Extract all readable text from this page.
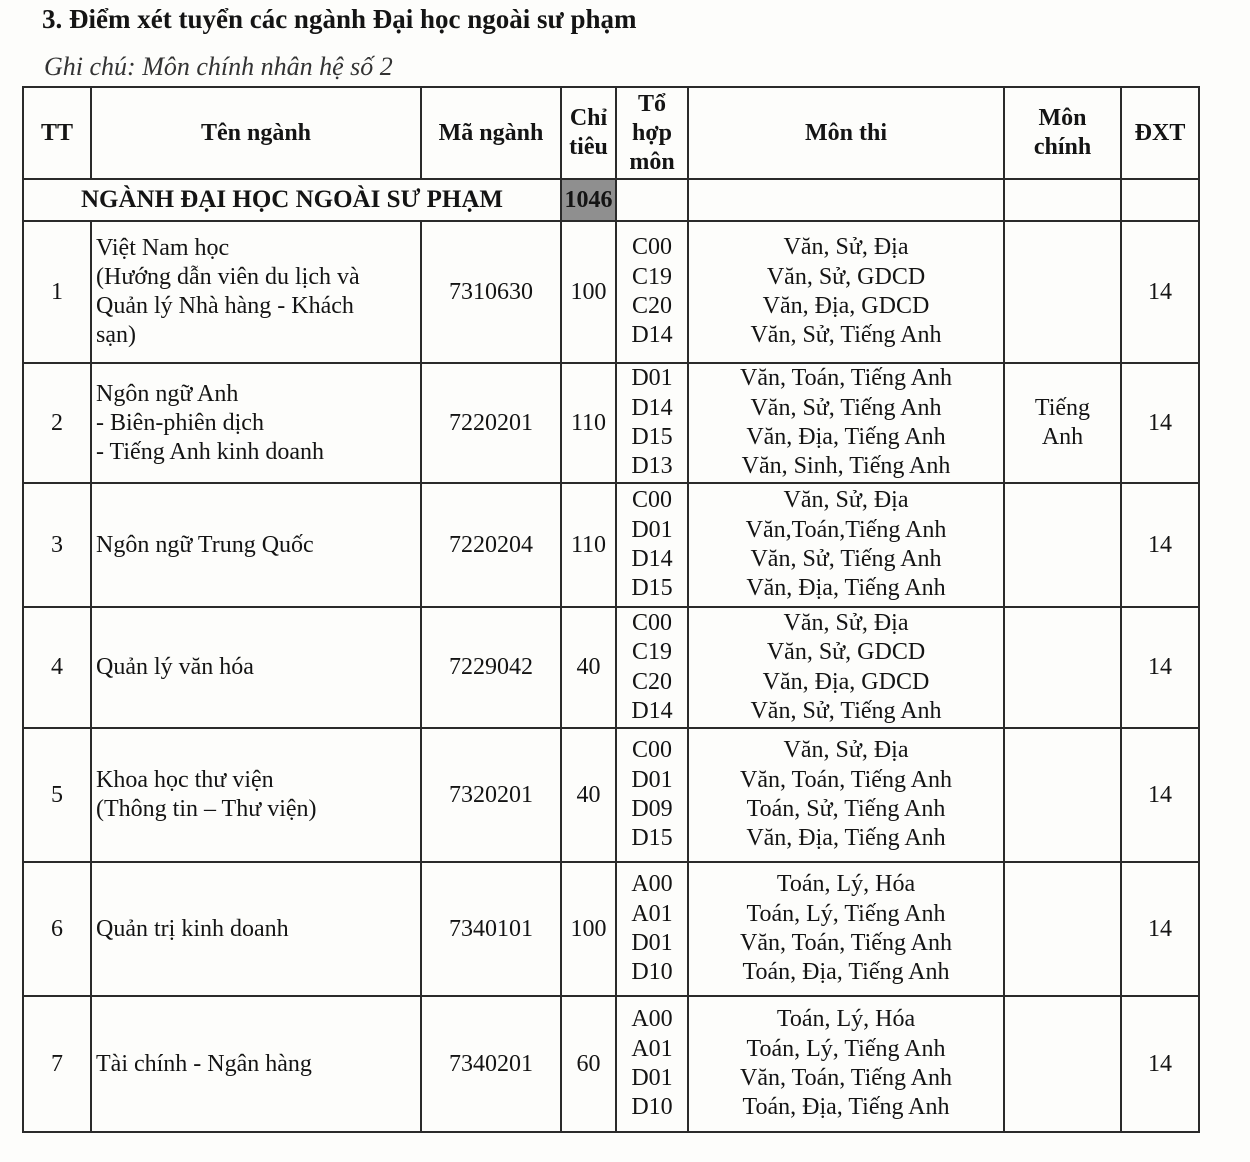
3. Điểm xét tuyển các ngành Đại học ngoài sư phạm
Ghi chú: Môn chính nhân hệ số 2
TT	Tên ngành	Mã ngành	Chỉ
tiêu	Tổ
hợp
môn	Môn thi	Môn
chính	ĐXT
NGÀNH ĐẠI HỌC NGOÀI SƯ PHẠM			1046				
1	Việt Nam học
(Hướng dẫn viên du lịch và
Quản lý Nhà hàng - Khách
sạn)	7310630	100	C00
C19
C20
D14	Văn, Sử, Địa
Văn, Sử, GDCD
Văn, Địa, GDCD
Văn, Sử, Tiếng Anh		14
2	Ngôn ngữ Anh
- Biên-phiên dịch
- Tiếng Anh kinh doanh	7220201	110	D01
D14
D15
D13	Văn, Toán, Tiếng Anh
Văn, Sử, Tiếng Anh
Văn, Địa, Tiếng Anh
Văn, Sinh, Tiếng Anh	Tiếng
Anh	14
3	Ngôn ngữ Trung Quốc	7220204	110	C00
D01
D14
D15	Văn, Sử, Địa
Văn,Toán,Tiếng Anh
Văn, Sử, Tiếng Anh
Văn, Địa, Tiếng Anh		14
4	Quản lý văn hóa	7229042	40	C00
C19
C20
D14	Văn, Sử, Địa
Văn, Sử, GDCD
Văn, Địa, GDCD
Văn, Sử, Tiếng Anh		14
5	Khoa học thư viện
(Thông tin – Thư viện)	7320201	40	C00
D01
D09
D15	Văn, Sử, Địa
Văn, Toán, Tiếng Anh
Toán, Sử, Tiếng Anh
Văn, Địa, Tiếng Anh		14
6	Quản trị kinh doanh	7340101	100	A00
A01
D01
D10	Toán, Lý, Hóa
Toán, Lý, Tiếng Anh
Văn, Toán, Tiếng Anh
Toán, Địa, Tiếng Anh		14
7	Tài chính - Ngân hàng	7340201	60	A00
A01
D01
D10	Toán, Lý, Hóa
Toán, Lý, Tiếng Anh
Văn, Toán, Tiếng Anh
Toán, Địa, Tiếng Anh		14
